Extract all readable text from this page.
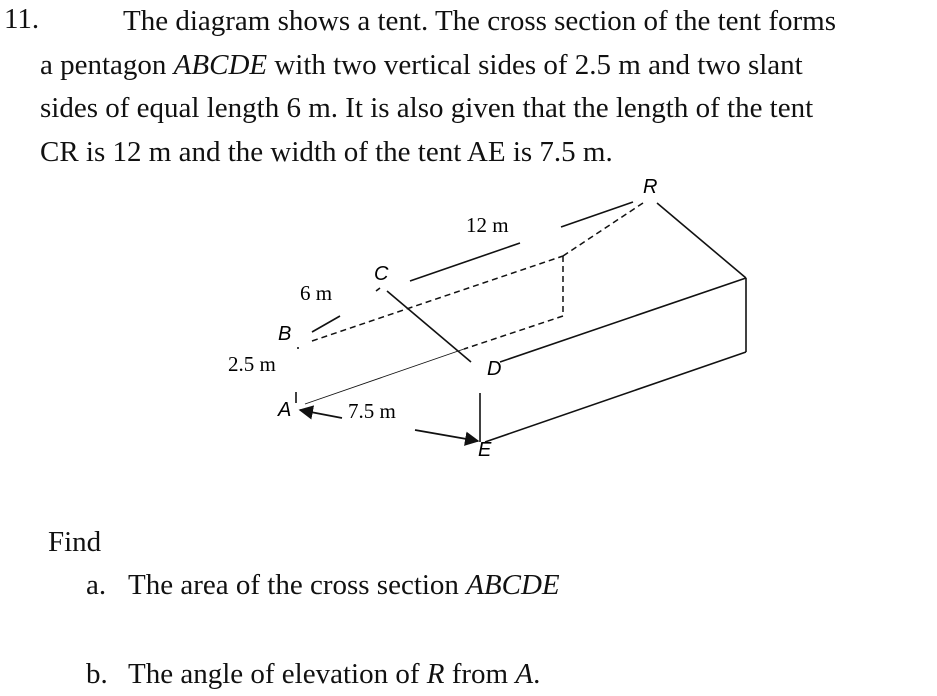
11.	The diagram shows a tent. The cross section of the tent forms
a pentagon ABCDE with two vertical sides of 2.5 m and two slant
sides of equal length 6 m. It is also given that the length of the tent
CR is 12 m and the width of the tent AE is 7.5 m.
R
C
B
D
A
E
12 m
6 m
2.5 m
7.5 m
Find
a. The area of the cross section ABCDE
b. The angle of elevation of R from A.
